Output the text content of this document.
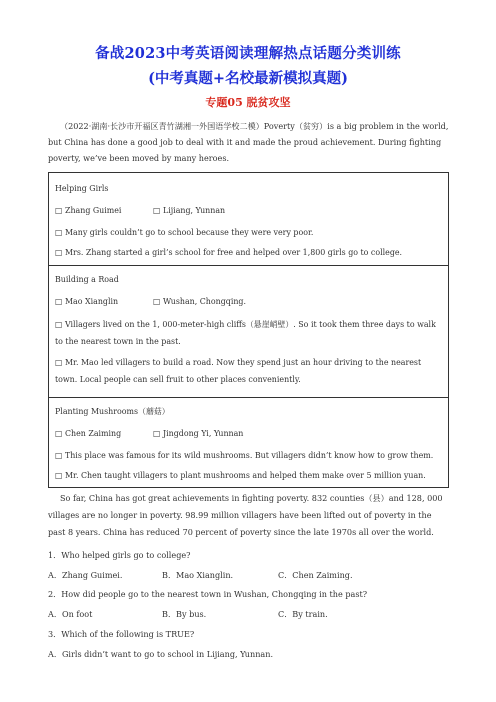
备战2023中考英语阅读理解热点话题分类训练
(中考真题+名校最新模拟真题)
专题05 脱贫攻坚
（2022·湖南·长沙市开福区青竹湖湘一外国语学校二模）Poverty（贫穷）is a big problem in the world, but China has done a good job to deal with it and made the proud achievement. During fighting poverty, we’ve been moved by many heroes.
Helping Girls
□ Zhang Guimei	□ Lijiang, Yunnan
□ Many girls couldn’t go to school because they were very poor.
□ Mrs. Zhang started a girl’s school for free and helped over 1,800 girls go to college.
Building a Road
□ Mao Xianglin	□ Wushan, Chongqing.
□ Villagers lived on the 1, 000-meter-high cliffs（悬崖峭壁）. So it took them three days to walk to the nearest town in the past.
□ Mr. Mao led villagers to build a road. Now they spend just an hour driving to the nearest town. Local people can sell fruit to other places conveniently.
Planting Mushrooms（蘑菇）
□ Chen Zaiming	□ Jingdong Yi, Yunnan
□ This place was famous for its wild mushrooms. But villagers didn’t know how to grow them.
□ Mr. Chen taught villagers to plant mushrooms and helped them make over 5 million yuan.
So far, China has got great achievements in fighting poverty. 832 counties（县）and 128, 000 villages are no longer in poverty. 98.99 million villagers have been lifted out of poverty in the past 8 years. China has reduced 70 percent of poverty since the late 1970s all over the world.
1．Who helped girls go to college?
A．Zhang Guimei.	B．Mao Xianglin.	C．Chen Zaiming.
2．How did people go to the nearest town in Wushan, Chongqing in the past?
A．On foot	B．By bus.	C．By train.
3．Which of the following is TRUE?
A．Girls didn’t want to go to school in Lijiang, Yunnan.
